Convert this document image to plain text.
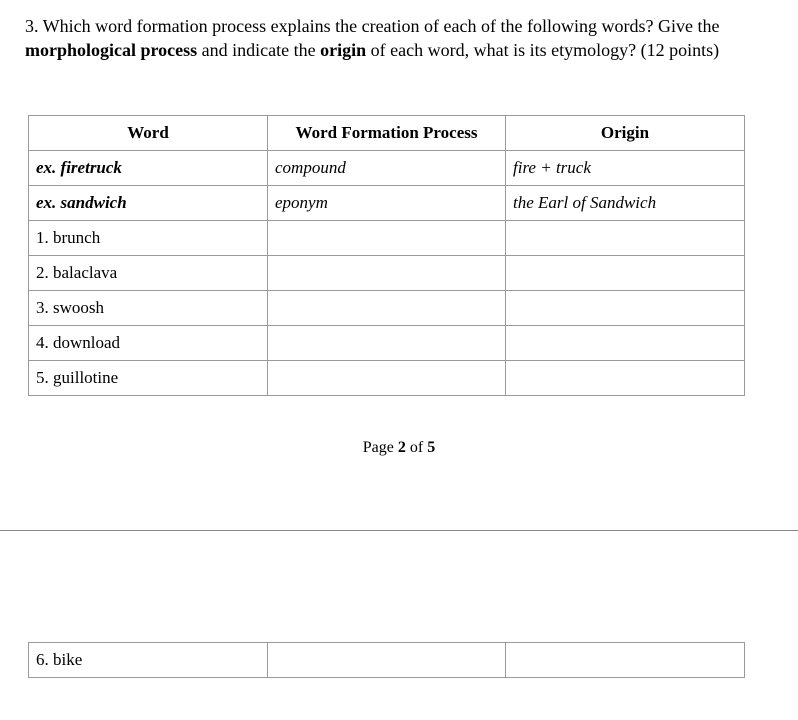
3. Which word formation process explains the creation of each of the following words? Give the morphological process and indicate the origin of each word, what is its etymology? (12 points)
Word	Word Formation Process	Origin
ex. firetruck	compound	fire + truck
ex. sandwich	eponym	the Earl of Sandwich
1. brunch		
2. balaclava		
3. swoosh		
4. download		
5. guillotine		
Page 2 of 5
6. bike		
